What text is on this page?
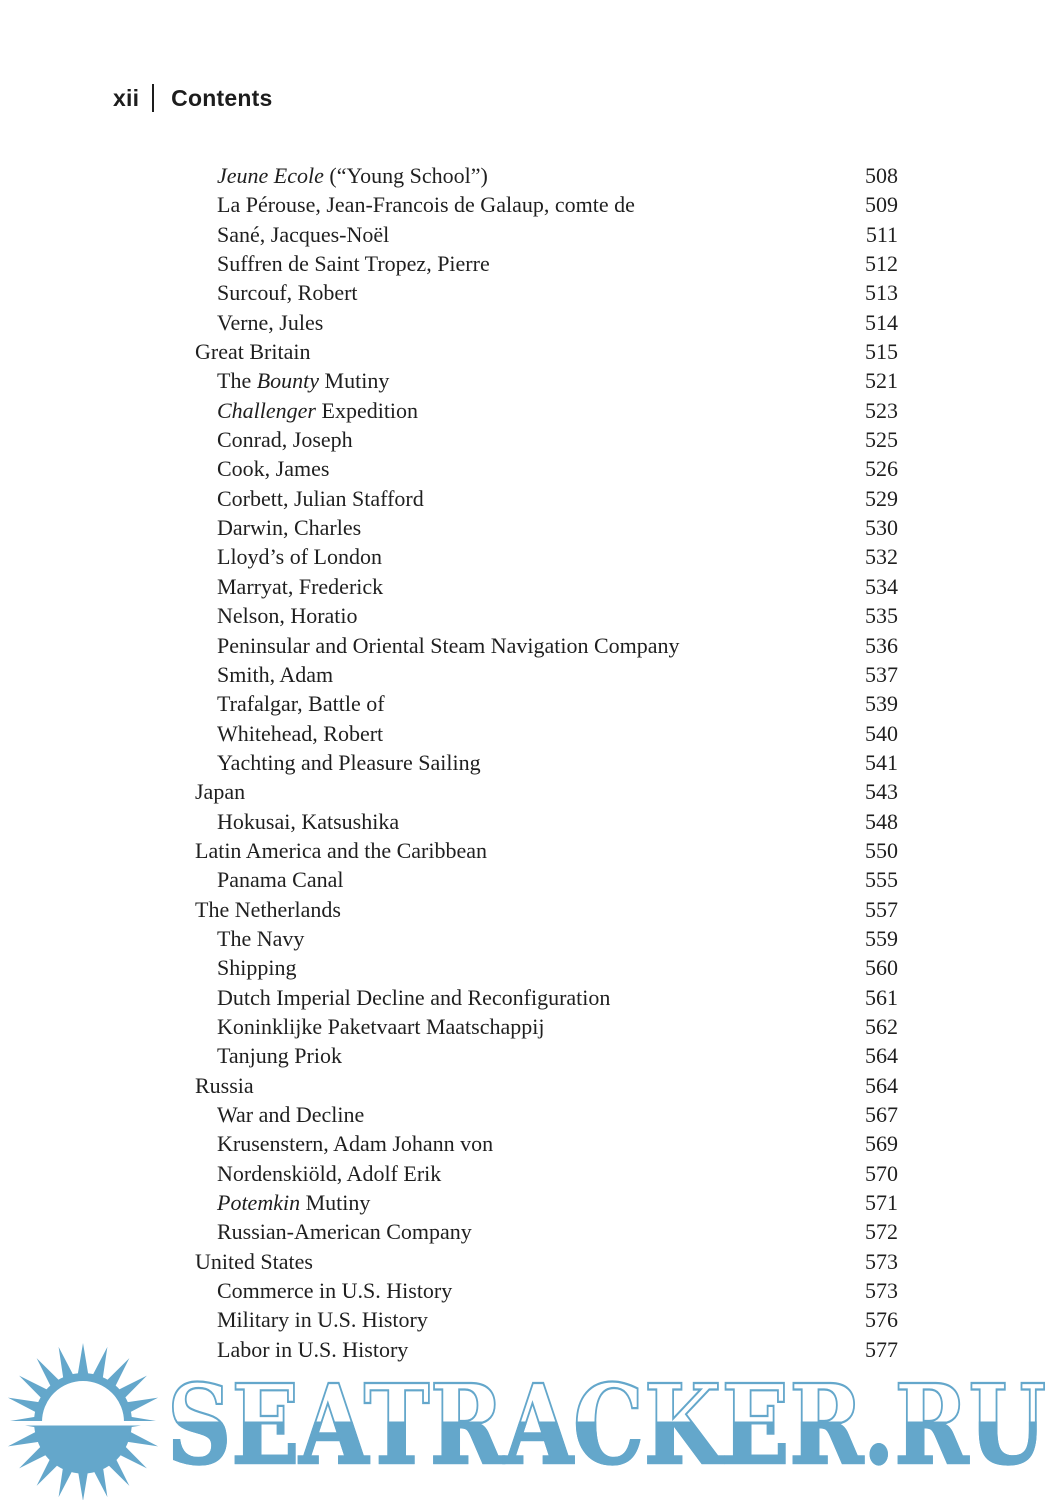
xii Contents
Jeune Ecole (“Young School”)	508
La Pérouse, Jean-Francois de Galaup, comte de	509
Sané, Jacques-Noël	511
Suffren de Saint Tropez, Pierre	512
Surcouf, Robert	513
Verne, Jules	514
Great Britain	515
The Bounty Mutiny	521
Challenger Expedition	523
Conrad, Joseph	525
Cook, James	526
Corbett, Julian Stafford	529
Darwin, Charles	530
Lloyd’s of London	532
Marryat, Frederick	534
Nelson, Horatio	535
Peninsular and Oriental Steam Navigation Company	536
Smith, Adam	537
Trafalgar, Battle of	539
Whitehead, Robert	540
Yachting and Pleasure Sailing	541
Japan	543
Hokusai, Katsushika	548
Latin America and the Caribbean	550
Panama Canal	555
The Netherlands	557
The Navy	559
Shipping	560
Dutch Imperial Decline and Reconfiguration	561
Koninklijke Paketvaart Maatschappij	562
Tanjung Priok	564
Russia	564
War and Decline	567
Krusenstern, Adam Johann von	569
Nordenskiöld, Adolf Erik	570
Potemkin Mutiny	571
Russian-American Company	572
United States	573
Commerce in U.S. History	573
Military in U.S. History	576
Labor in U.S. History	577
SEATRACKER.RU
